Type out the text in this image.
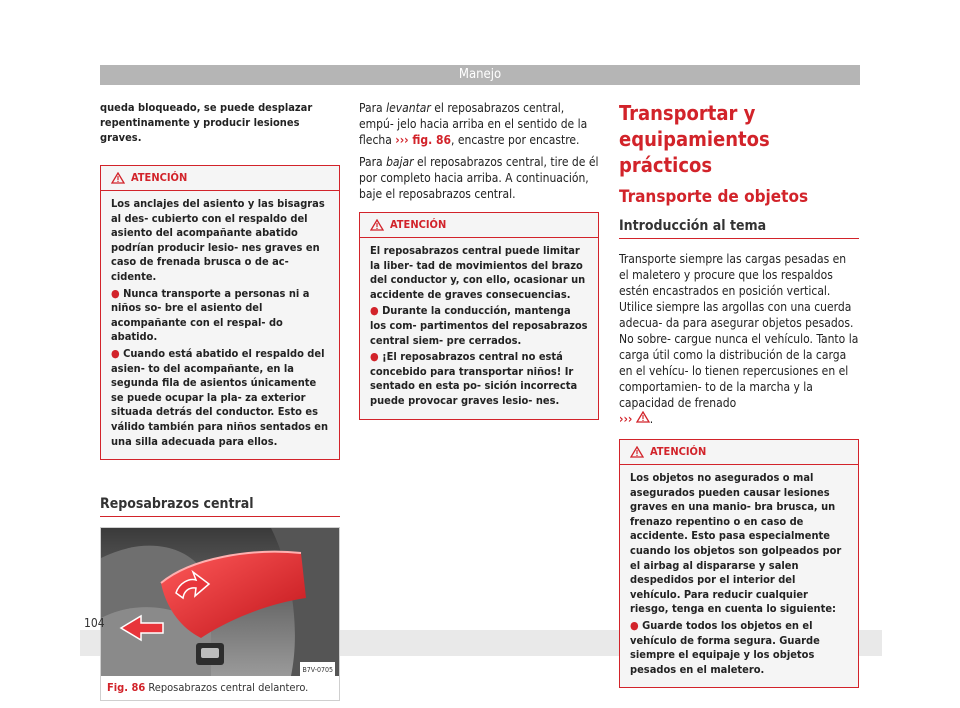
Manejo

queda bloqueado, se puede desplazar repentinamente y producir lesiones graves.

ATENCIÓN

Los anclajes del asiento y las bisagras al des- cubierto con el respaldo del asiento del acompañante abatido podrían producir lesio- nes graves en caso de frenada brusca o de ac- cidente.

● Nunca transporte a personas ni a niños so- bre el asiento del acompañante con el respal- do abatido.

● Cuando está abatido el respaldo del asien- to del acompañante, en la segunda fila de asientos únicamente se puede ocupar la pla- za exterior situada detrás del conductor. Esto es válido también para niños sentados en una silla adecuada para ellos.

Reposabrazos central
B7V-0705
Fig. 86 Reposabrazos central delantero.

Para levantar el reposabrazos central, empú- jelo hacia arriba en el sentido de la flecha ››› fig. 86, encastre por encastre.

Para bajar el reposabrazos central, tire de él por completo hacia arriba. A continuación, baje el reposabrazos central.

ATENCIÓN

El reposabrazos central puede limitar la liber- tad de movimientos del brazo del conductor y, con ello, ocasionar un accidente de graves consecuencias.

● Durante la conducción, mantenga los com- partimentos del reposabrazos central siem- pre cerrados.

● ¡El reposabrazos central no está concebido para transportar niños! Ir sentado en esta po- sición incorrecta puede provocar graves lesio- nes.

Transportar y equipamientos prácticos
Transporte de objetos
Introducción al tema

Transporte siempre las cargas pesadas en el maletero y procure que los respaldos estén encastrados en posición vertical. Utilice siempre las argollas con una cuerda adecua- da para asegurar objetos pesados. No sobre- cargue nunca el vehículo. Tanto la carga útil como la distribución de la carga en el vehícu- lo tienen repercusiones en el comportamien- to de la marcha y la capacidad de frenado
››› .

ATENCIÓN

Los objetos no asegurados o mal asegurados pueden causar lesiones graves en una manio- bra brusca, un frenazo repentino o en caso de accidente. Esto pasa especialmente cuando los objetos son golpeados por el airbag al dispararse y salen despedidos por el interior del vehículo. Para reducir cualquier riesgo, tenga en cuenta lo siguiente:

● Guarde todos los objetos en el vehículo de forma segura. Guarde siempre el equipaje y los objetos pesados en el maletero.

104
